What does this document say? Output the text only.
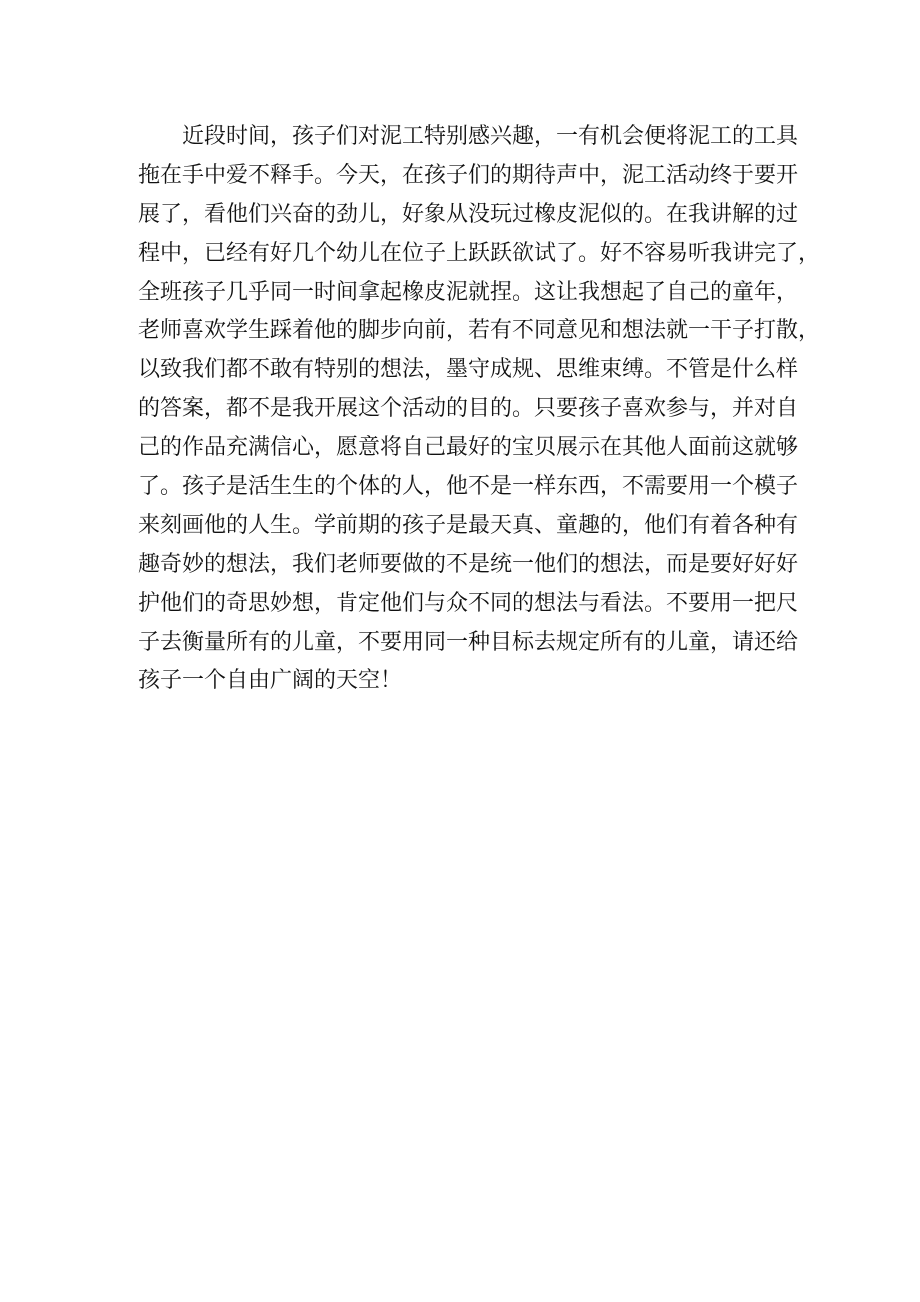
近段时间，孩子们对泥工特别感兴趣，一有机会便将泥工的工具
拖在手中爱不释手。今天，在孩子们的期待声中，泥工活动终于要开
展了，看他们兴奋的劲儿，好象从没玩过橡皮泥似的。在我讲解的过
程中，已经有好几个幼儿在位子上跃跃欲试了。好不容易听我讲完了，
全班孩子几乎同一时间拿起橡皮泥就捏。这让我想起了自己的童年，
老师喜欢学生踩着他的脚步向前，若有不同意见和想法就一干子打散，
以致我们都不敢有特别的想法，墨守成规、思维束缚。不管是什么样
的答案，都不是我开展这个活动的目的。只要孩子喜欢参与，并对自
己的作品充满信心，愿意将自己最好的宝贝展示在其他人面前这就够
了。孩子是活生生的个体的人，他不是一样东西，不需要用一个模子
来刻画他的人生。学前期的孩子是最天真、童趣的，他们有着各种有
趣奇妙的想法，我们老师要做的不是统一他们的想法，而是要好好好
护他们的奇思妙想，肯定他们与众不同的想法与看法。不要用一把尺
子去衡量所有的儿童，不要用同一种目标去规定所有的儿童，请还给
孩子一个自由广阔的天空！
